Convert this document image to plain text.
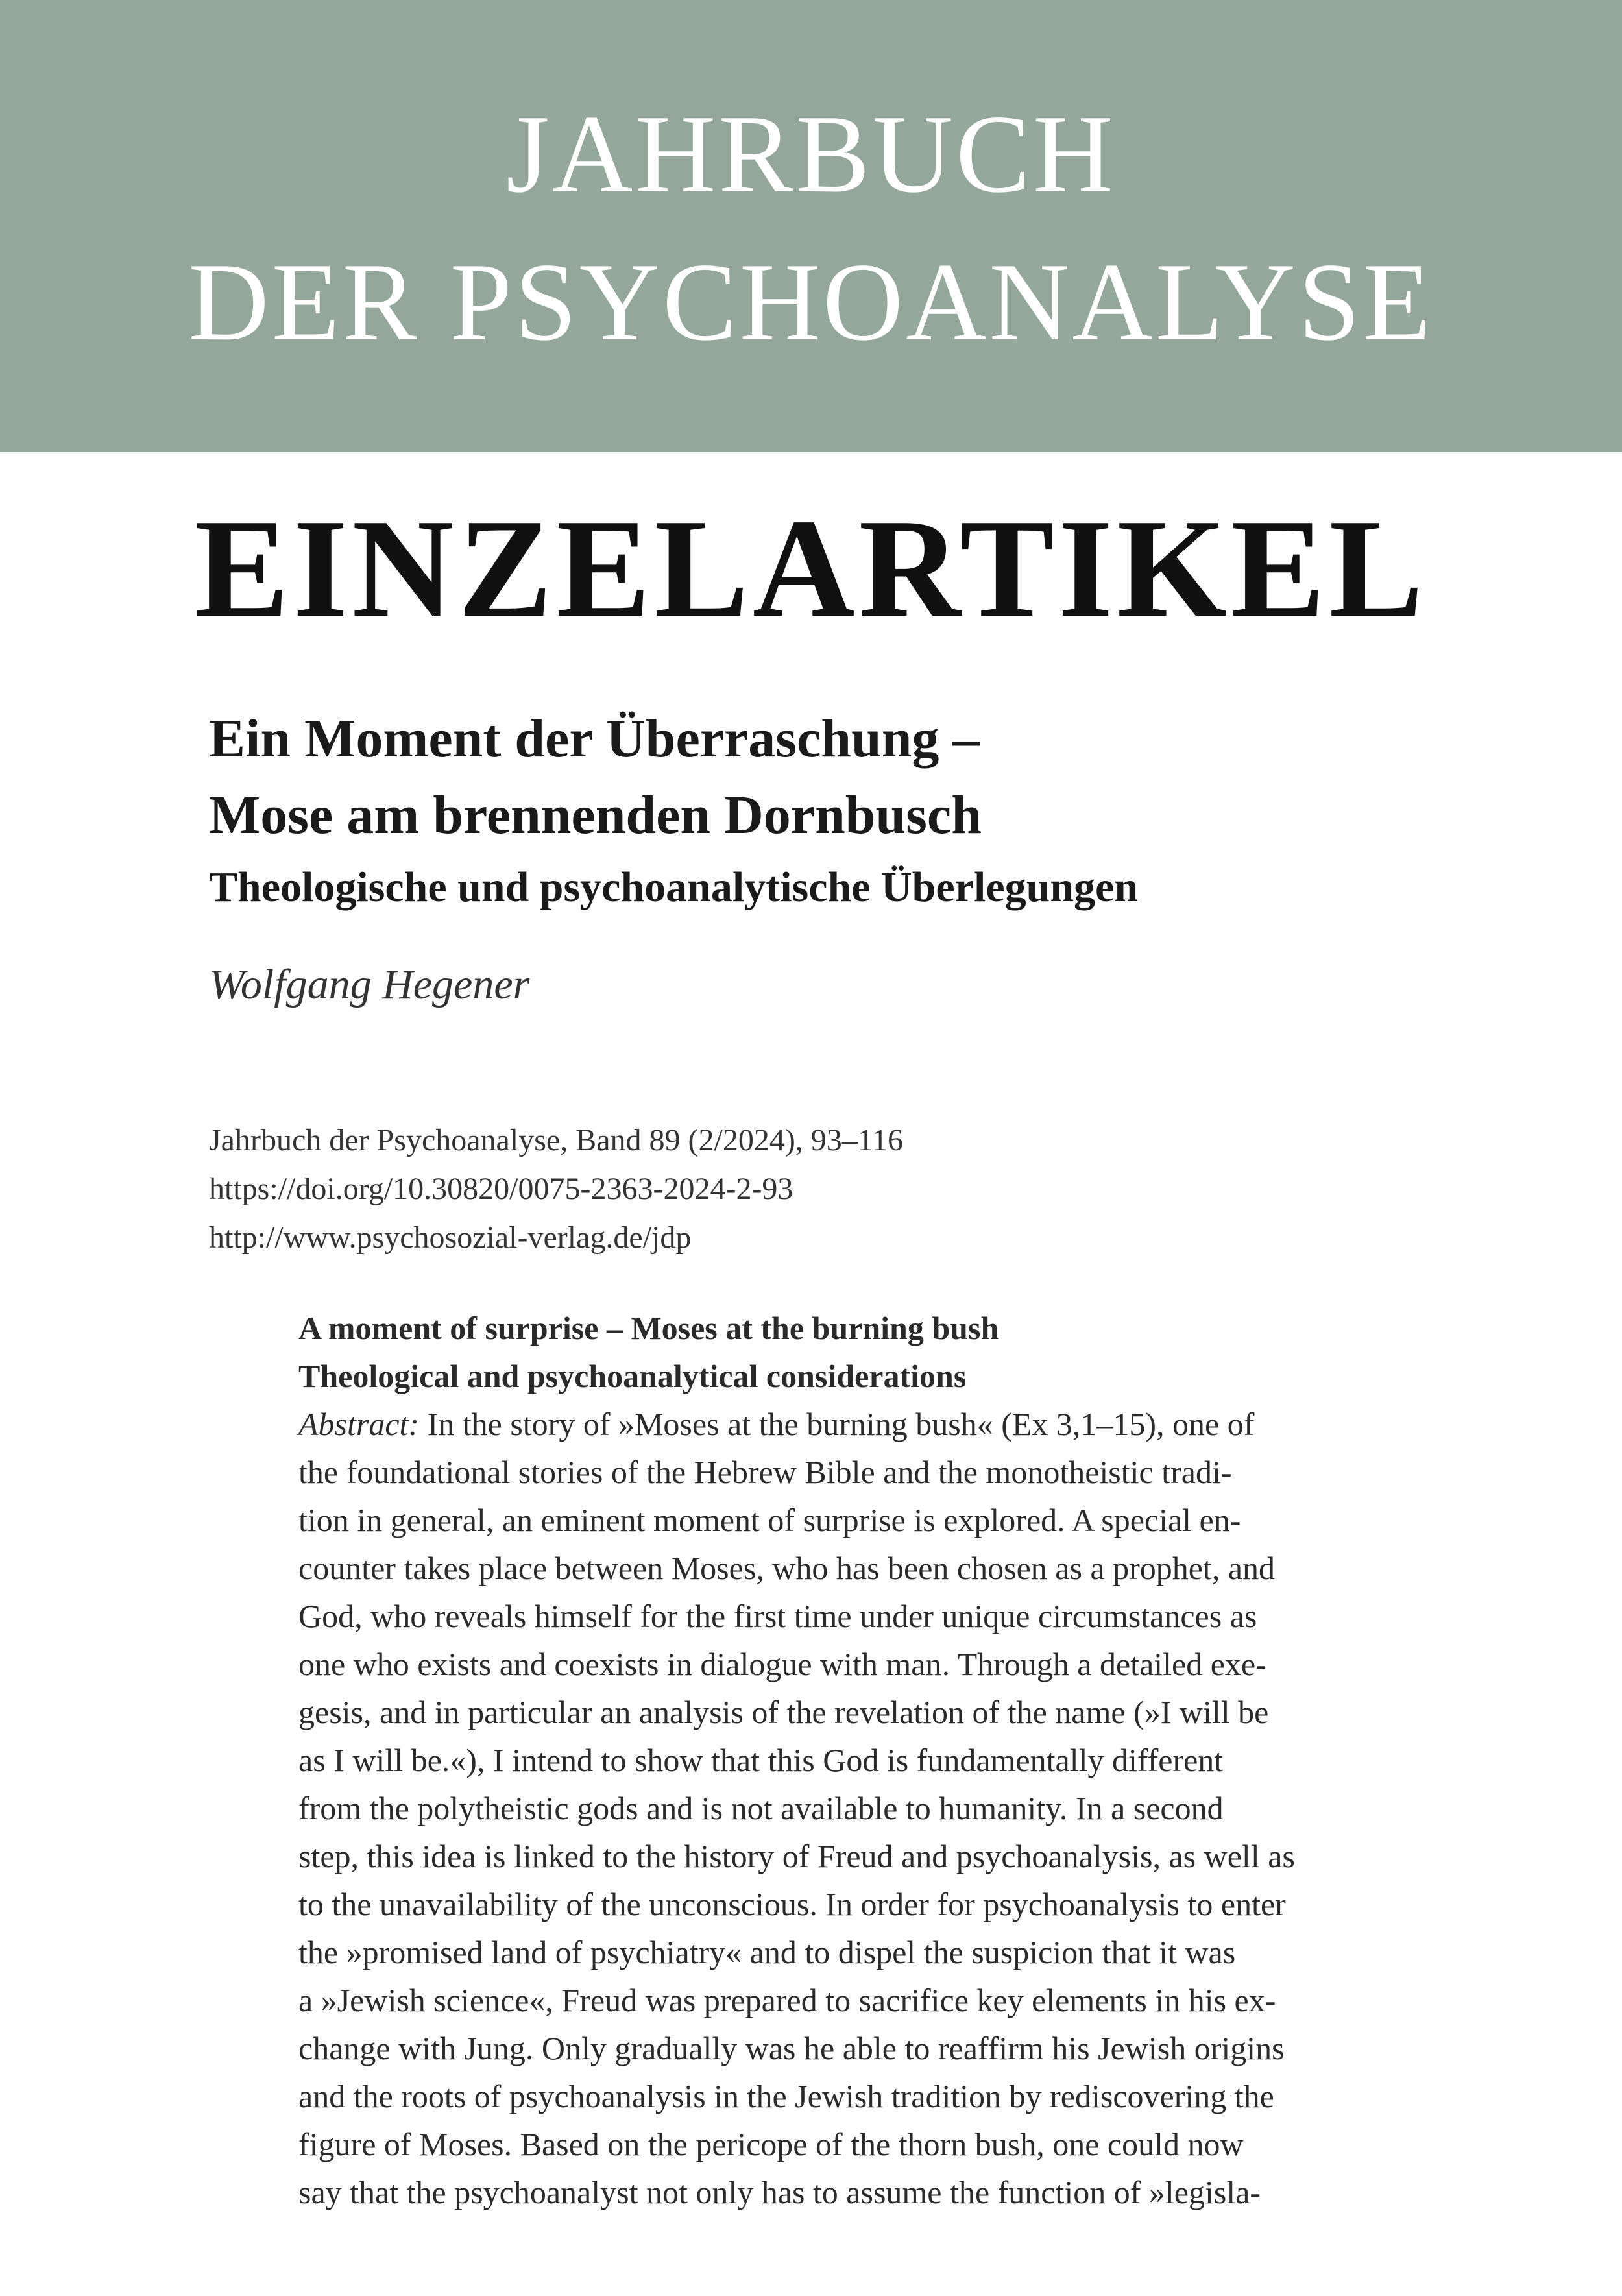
JAHRBUCH
DER PSYCHOANALYSE
EINZELARTIKEL
Ein Moment der Überraschung –
Mose am brennenden Dornbusch
Theologische und psychoanalytische Überlegungen
Wolfgang Hegener
Jahrbuch der Psychoanalyse, Band 89 (2/2024), 93–116
https://doi.org/10.30820/0075-2363-2024-2-93
http://www.psychosozial-verlag.de/jdp
A moment of surprise – Moses at the burning bush
Theological and psychoanalytical considerations
Abstract: In the story of »Moses at the burning bush« (Ex 3,1–15), one of
the foundational stories of the Hebrew Bible and the monotheistic tradi-
tion in general, an eminent moment of surprise is explored. A special en-
counter takes place between Moses, who has been chosen as a prophet, and
God, who reveals himself for the first time under unique circumstances as
one who exists and coexists in dialogue with man. Through a detailed exe-
gesis, and in particular an analysis of the revelation of the name (»I will be
as I will be.«), I intend to show that this God is fundamentally different
from the polytheistic gods and is not available to humanity. In a second
step, this idea is linked to the history of Freud and psychoanalysis, as well as
to the unavailability of the unconscious. In order for psychoanalysis to enter
the »promised land of psychiatry« and to dispel the suspicion that it was
a »Jewish science«, Freud was prepared to sacrifice key elements in his ex-
change with Jung. Only gradually was he able to reaffirm his Jewish origins
and the roots of psychoanalysis in the Jewish tradition by rediscovering the
figure of Moses. Based on the pericope of the thorn bush, one could now
say that the psychoanalyst not only has to assume the function of »legisla-
